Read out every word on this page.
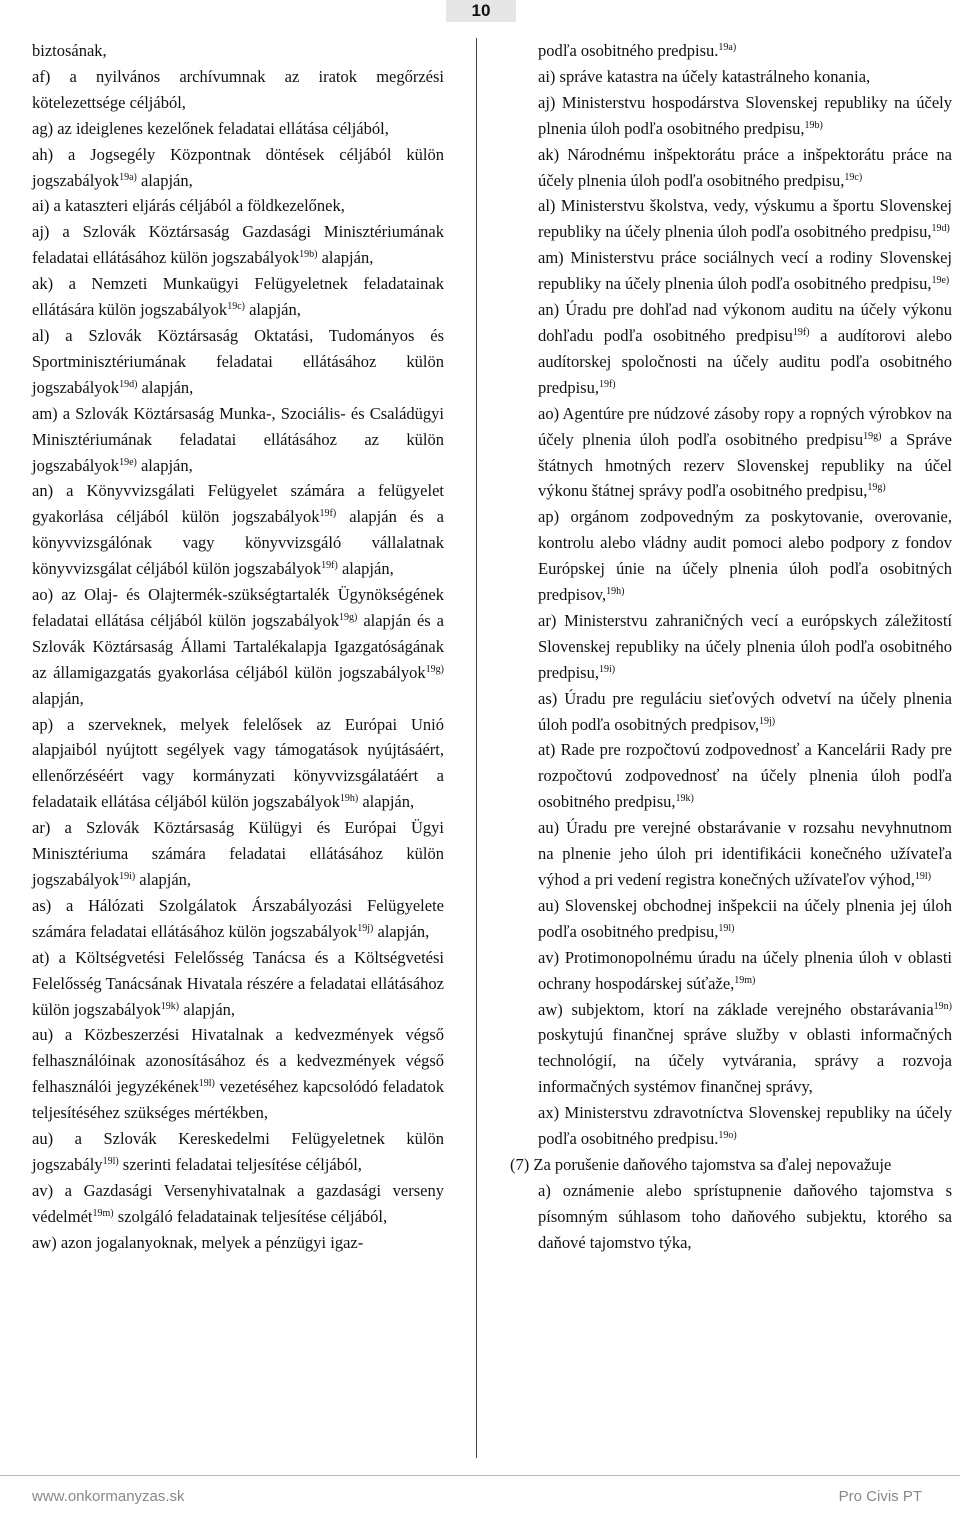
10

biztosának,

af) a nyilvános archívumnak az iratok megőrzési kötelezettsége céljából,

ag) az ideiglenes kezelőnek feladatai ellátása céljából,

ah) a Jogsegély Központnak döntések céljából külön jogszabályok$^{19a)}$ alapján,

ai) a kataszteri eljárás céljából a földkezelőnek,

aj) a Szlovák Köztársaság Gazdasági Minisztériumának feladatai ellátásához külön jogszabályok$^{19b)}$ alapján,

ak) a Nemzeti Munkaügyi Felügyeletnek feladatainak ellátására külön jogszabályok$^{19c)}$ alapján,

al) a Szlovák Köztársaság Oktatási, Tudományos és Sportminisztériumának feladatai ellátásához külön jogszabályok$^{19d)}$ alapján,

am) a Szlovák Köztársaság Munka-, Szociális- és Családügyi Minisztériumának feladatai ellátásához az külön jogszabályok$^{19e)}$ alapján,

an) a Könyvvizsgálati Felügyelet számára a felügyelet gyakorlása céljából külön jogszabályok$^{19f)}$ alapján és a könyvvizsgálónak vagy könyvvizsgáló vállalatnak könyvvizsgálat céljából külön jogszabályok$^{19f)}$ alapján,

ao) az Olaj- és Olajtermék-szükségtartalék Ügynökségének feladatai ellátása céljából külön jogszabályok$^{19g)}$ alapján és a Szlovák Köztársaság Állami Tartalékalapja Igazgatóságának az államigazgatás gyakorlása céljából külön jogszabályok$^{19g)}$ alapján,

ap) a szerveknek, melyek felelősek az Európai Unió alapjaiból nyújtott segélyek vagy támogatások nyújtásáért, ellenőrzéséért vagy kormányzati könyvvizsgálatáért a feladataik ellátása céljából külön jogszabályok$^{19h)}$ alapján,

ar) a Szlovák Köztársaság Külügyi és Európai Ügyi Minisztériuma számára feladatai ellátásához külön jogszabályok$^{19i)}$ alapján,

as) a Hálózati Szolgálatok Árszabályozási Felügyelete számára feladatai ellátásához külön jogszabályok$^{19j)}$ alapján,

at) a Költségvetési Felelősség Tanácsa és a Költségvetési Felelősség Tanácsának Hivatala részére a feladatai ellátásához külön jogszabályok$^{19k)}$ alapján,

au) a Közbeszerzési Hivatalnak a kedvezmények végső felhasználóinak azonosításához és a kedvezmények végső felhasználói jegyzékének$^{19l)}$ vezetéséhez kapcsolódó feladatok teljesítéséhez szükséges mértékben,

au) a Szlovák Kereskedelmi Felügyeletnek külön jogszabály$^{19l)}$ szerinti feladatai teljesítése céljából,

av) a Gazdasági Versenyhivatalnak a gazdasági verseny védelmét$^{19m)}$ szolgáló feladatainak teljesítése céljából,

aw) azon jogalanyoknak, melyek a pénzügyi igaz-

podľa osobitného predpisu.$^{19a)}$

ai) správe katastra na účely katastrálneho konania,

aj) Ministerstvu hospodárstva Slovenskej republiky na účely plnenia úloh podľa osobitného predpisu,$^{19b)}$

ak) Národnému inšpektorátu práce a inšpektorátu práce na účely plnenia úloh podľa osobitného predpisu,$^{19c)}$

al) Ministerstvu školstva, vedy, výskumu a športu Slovenskej republiky na účely plnenia úloh podľa osobitného predpisu,$^{19d)}$

am) Ministerstvu práce sociálnych vecí a rodiny Slovenskej republiky na účely plnenia úloh podľa osobitného predpisu,$^{19e)}$

an) Úradu pre dohľad nad výkonom auditu na účely výkonu dohľadu podľa osobitného predpisu$^{19f)}$ a audítorovi alebo audítorskej spoločnosti na účely auditu podľa osobitného predpisu,$^{19f)}$

ao) Agentúre pre núdzové zásoby ropy a ropných výrobkov na účely plnenia úloh podľa osobitného predpisu$^{19g)}$ a Správe štátnych hmotných rezerv Slovenskej republiky na účel výkonu štátnej správy podľa osobitného predpisu,$^{19g)}$

ap) orgánom zodpovedným za poskytovanie, overovanie, kontrolu alebo vládny audit pomoci alebo podpory z fondov Európskej únie na účely plnenia úloh podľa osobitných predpisov,$^{19h)}$

ar) Ministerstvu zahraničných vecí a európskych záležitostí Slovenskej republiky na účely plnenia úloh podľa osobitného predpisu,$^{19i)}$

as) Úradu pre reguláciu sieťových odvetví na účely plnenia úloh podľa osobitných predpisov,$^{19j)}$

at) Rade pre rozpočtovú zodpovednosť a Kancelárii Rady pre rozpočtovú zodpovednosť na účely plnenia úloh podľa osobitného predpisu,$^{19k)}$

au) Úradu pre verejné obstarávanie v rozsahu nevyhnutnom na plnenie jeho úloh pri identifikácii konečného užívateľa výhod a pri vedení registra konečných užívateľov výhod,$^{19l)}$

au) Slovenskej obchodnej inšpekcii na účely plnenia jej úloh podľa osobitného predpisu,$^{19l)}$

av) Protimonopolnému úradu na účely plnenia úloh v oblasti ochrany hospodárskej súťaže,$^{19m)}$

aw) subjektom, ktorí na základe verejného obstarávania$^{19n)}$ poskytujú finančnej správe služby v oblasti informačných technológií, na účely vytvárania, správy a rozvoja informačných systémov finančnej správy,

ax) Ministerstvu zdravotníctva Slovenskej republiky na účely podľa osobitného predpisu.$^{19o)}$

(7) Za porušenie daňového tajomstva sa ďalej nepovažuje

a) oznámenie alebo sprístupnenie daňového tajomstva s písomným súhlasom toho daňového subjektu, ktorého sa daňové tajomstvo týka,

www.onkormanyzas.sk	Pro Civis PT
